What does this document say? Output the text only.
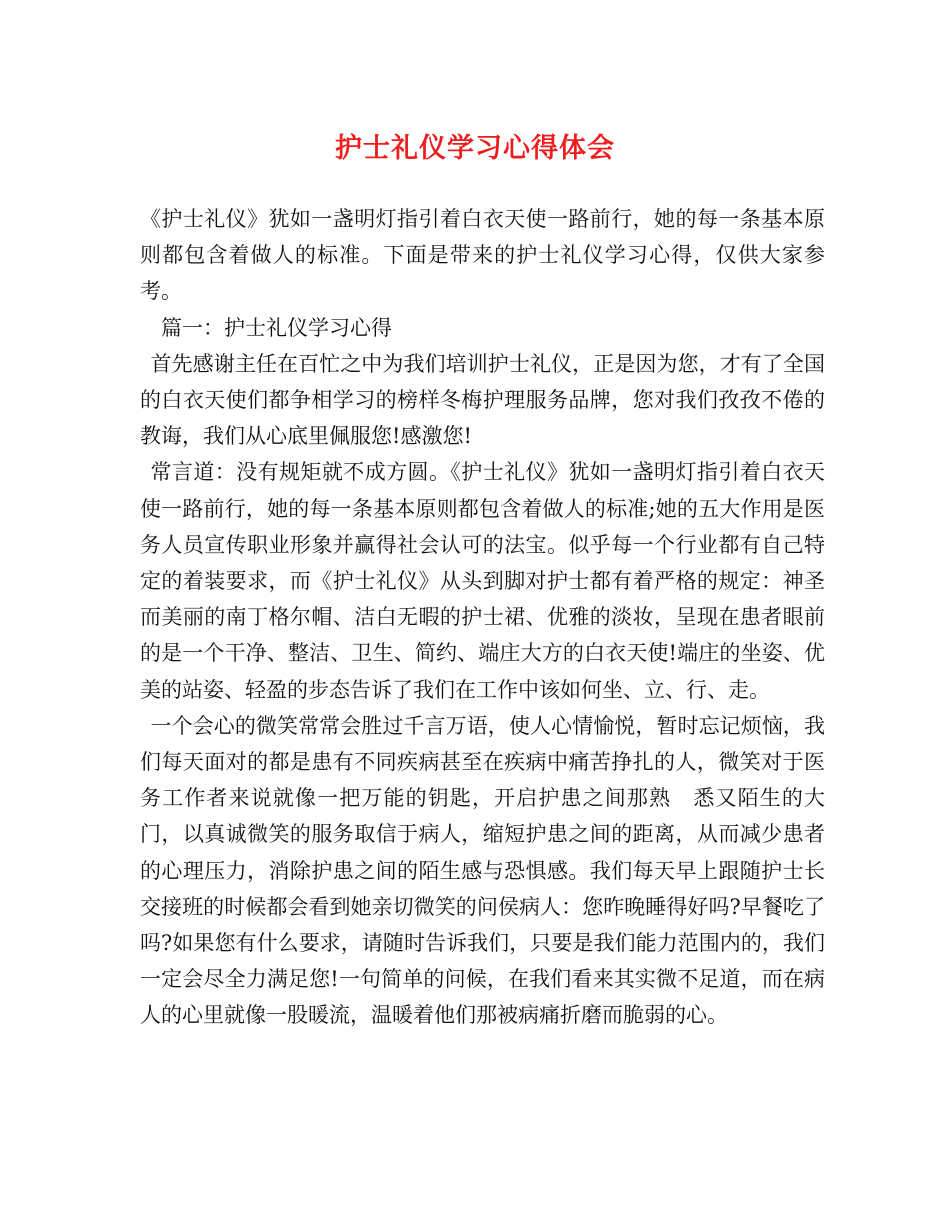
护士礼仪学习心得体会

《护士礼仪》犹如一盏明灯指引着白衣天使一路前行，她的每一条基本原则都包含着做人的标准。下面是带来的护士礼仪学习心得，仅供大家参考。

篇一：护士礼仪学习心得

首先感谢主任在百忙之中为我们培训护士礼仪，正是因为您，才有了全国的白衣天使们都争相学习的榜样冬梅护理服务品牌，您对我们孜孜不倦的教诲，我们从心底里佩服您!感激您!

常言道：没有规矩就不成方圆。《护士礼仪》犹如一盏明灯指引着白衣天使一路前行，她的每一条基本原则都包含着做人的标准;她的五大作用是医务人员宣传职业形象并赢得社会认可的法宝。似乎每一个行业都有自己特定的着装要求，而《护士礼仪》从头到脚对护士都有着严格的规定：神圣而美丽的南丁格尔帽、洁白无暇的护士裙、优雅的淡妆，呈现在患者眼前的是一个干净、整洁、卫生、简约、端庄大方的白衣天使!端庄的坐姿、优美的站姿、轻盈的步态告诉了我们在工作中该如何坐、立、行、走。

一个会心的微笑常常会胜过千言万语，使人心情愉悦，暂时忘记烦恼，我们每天面对的都是患有不同疾病甚至在疾病中痛苦挣扎的人，微笑对于医务工作者来说就像一把万能的钥匙，开启护患之间那熟　悉又陌生的大门，以真诚微笑的服务取信于病人，缩短护患之间的距离，从而减少患者的心理压力，消除护患之间的陌生感与恐惧感。我们每天早上跟随护士长交接班的时候都会看到她亲切微笑的问侯病人：您昨晚睡得好吗?早餐吃了吗?如果您有什么要求，请随时告诉我们，只要是我们能力范围内的，我们一定会尽全力满足您!一句简单的问候，在我们看来其实微不足道，而在病人的心里就像一股暖流，温暖着他们那被病痛折磨而脆弱的心。
